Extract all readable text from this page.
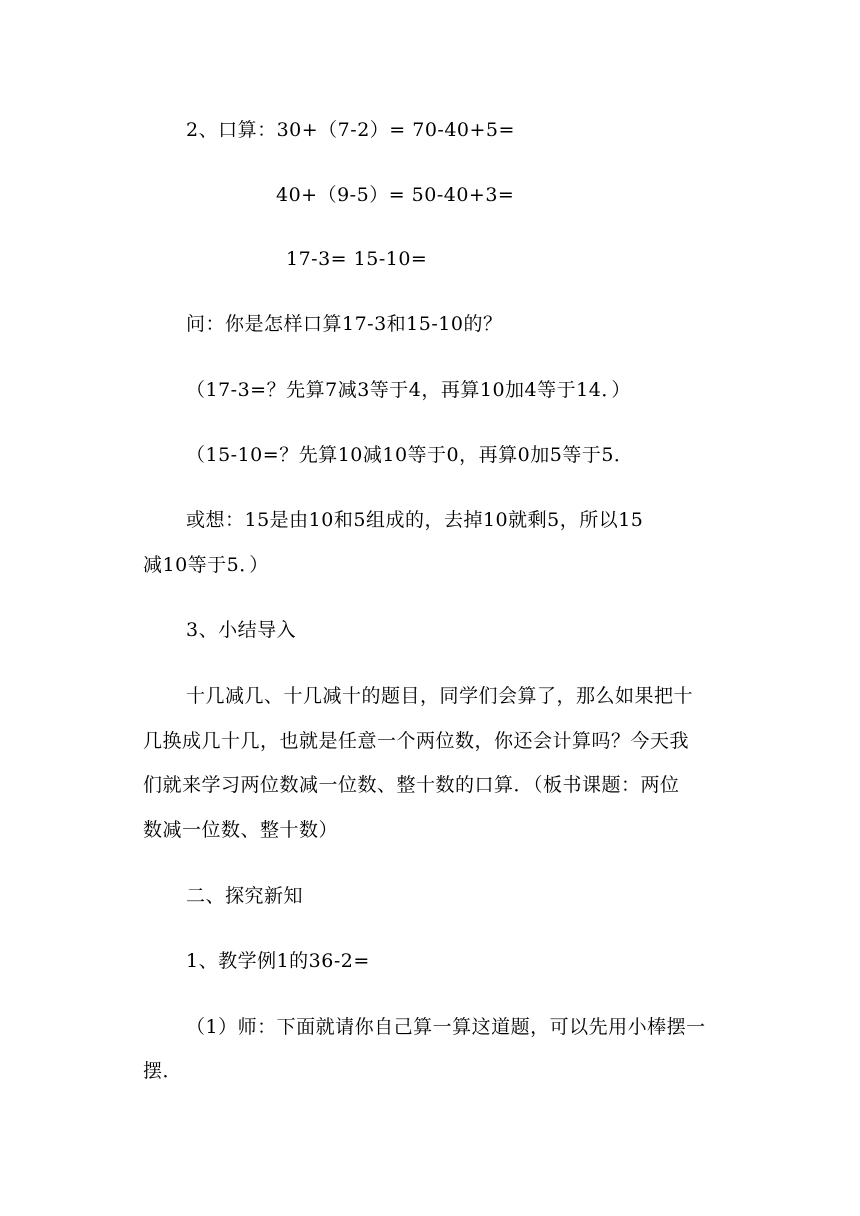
2、口算：30+（7-2）= 70-40+5=
40+（9-5）= 50-40+3=
17-3= 15-10=
问：你是怎样口算17-3和15-10的？
（17-3=？先算7减3等于4，再算10加4等于14．）
（15-10=？先算10减10等于0，再算0加5等于5．
或想：15是由10和5组成的，去掉10就剩5，所以15
减10等于5．）
3、小结导入
十几减几、十几减十的题目，同学们会算了，那么如果把十
几换成几十几，也就是任意一个两位数，你还会计算吗？今天我
们就来学习两位数减一位数、整十数的口算．（板书课题：两位
数减一位数、整十数）
二、探究新知
1、教学例1的36-2=
（1）师：下面就请你自己算一算这道题，可以先用小棒摆一
摆．
